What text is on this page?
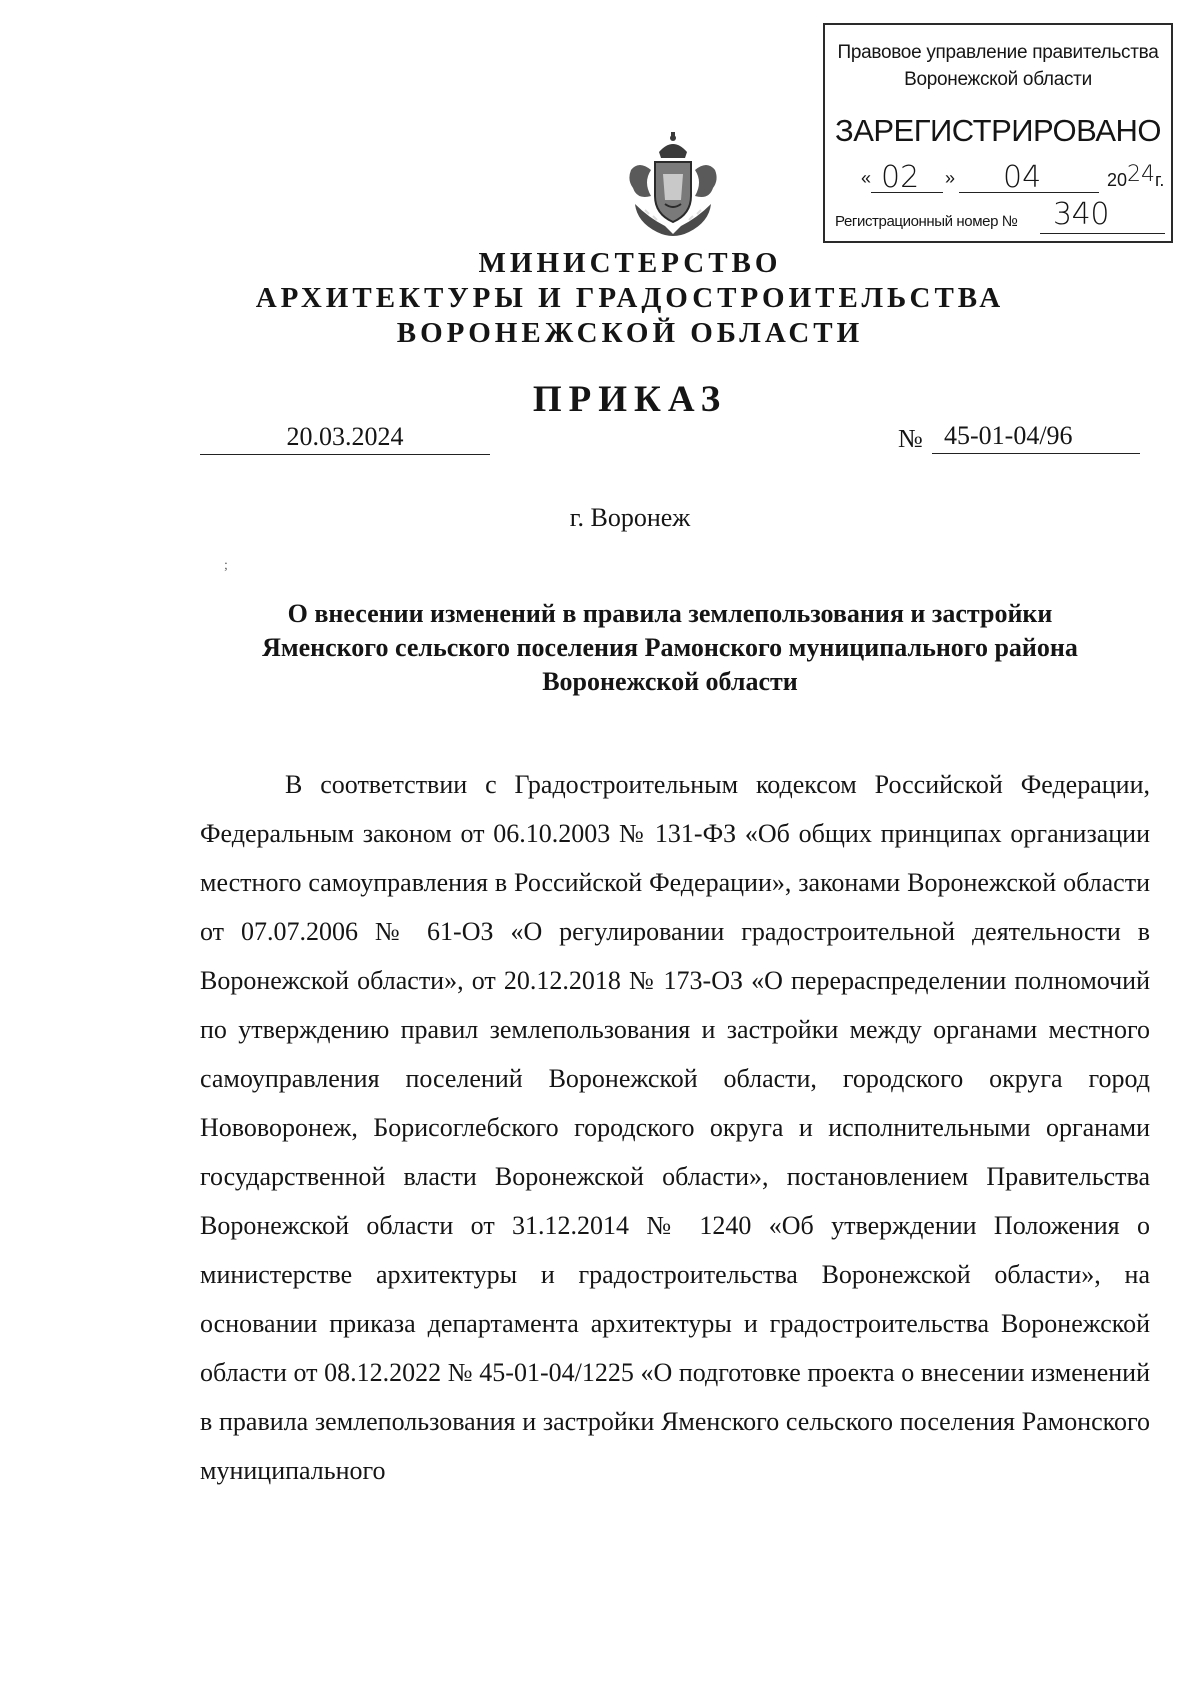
Правовое управление правительства
Воронежской области
ЗАРЕГИСТРИРОВАНО
« 02 » 04	20 24 г.
Регистрационный номер № 340
МИНИСТЕРСТВО
АРХИТЕКТУРЫ И ГРАДОСТРОИТЕЛЬСТВА
ВОРОНЕЖСКОЙ ОБЛАСТИ
ПРИКАЗ
20.03.2024	№ 45-01-04/96
г. Воронеж
;
О внесении изменений в правила землепользования и застройки
Яменского сельского поселения Рамонского муниципального района
Воронежской области

В соответствии с Градостроительным кодексом Российской Федерации, Федеральным законом от 06.10.2003 № 131-ФЗ «Об общих принципах организации местного самоуправления в Российской Федерации», законами Воронежской области от 07.07.2006 № 61-ОЗ «О регулировании градостроительной деятельности в Воронежской области», от 20.12.2018 № 173-ОЗ «О перераспределении полномочий по утверждению правил землепользования и застройки между органами местного самоуправления поселений Воронежской области, городского округа город Нововоронеж, Борисоглебского городского округа и исполнительными органами государственной власти Воронежской области», постановлением Правительства Воронежской области от 31.12.2014 № 1240 «Об утверждении Положения о министерстве архитектуры и градостроительства Воронежской области», на основании приказа департамента архитектуры и градостроительства Воронежской области от 08.12.2022 № 45-01-04/1225 «О подготовке проекта о внесении изменений в правила землепользования и застройки Яменского сельского поселения Рамонского муниципального
